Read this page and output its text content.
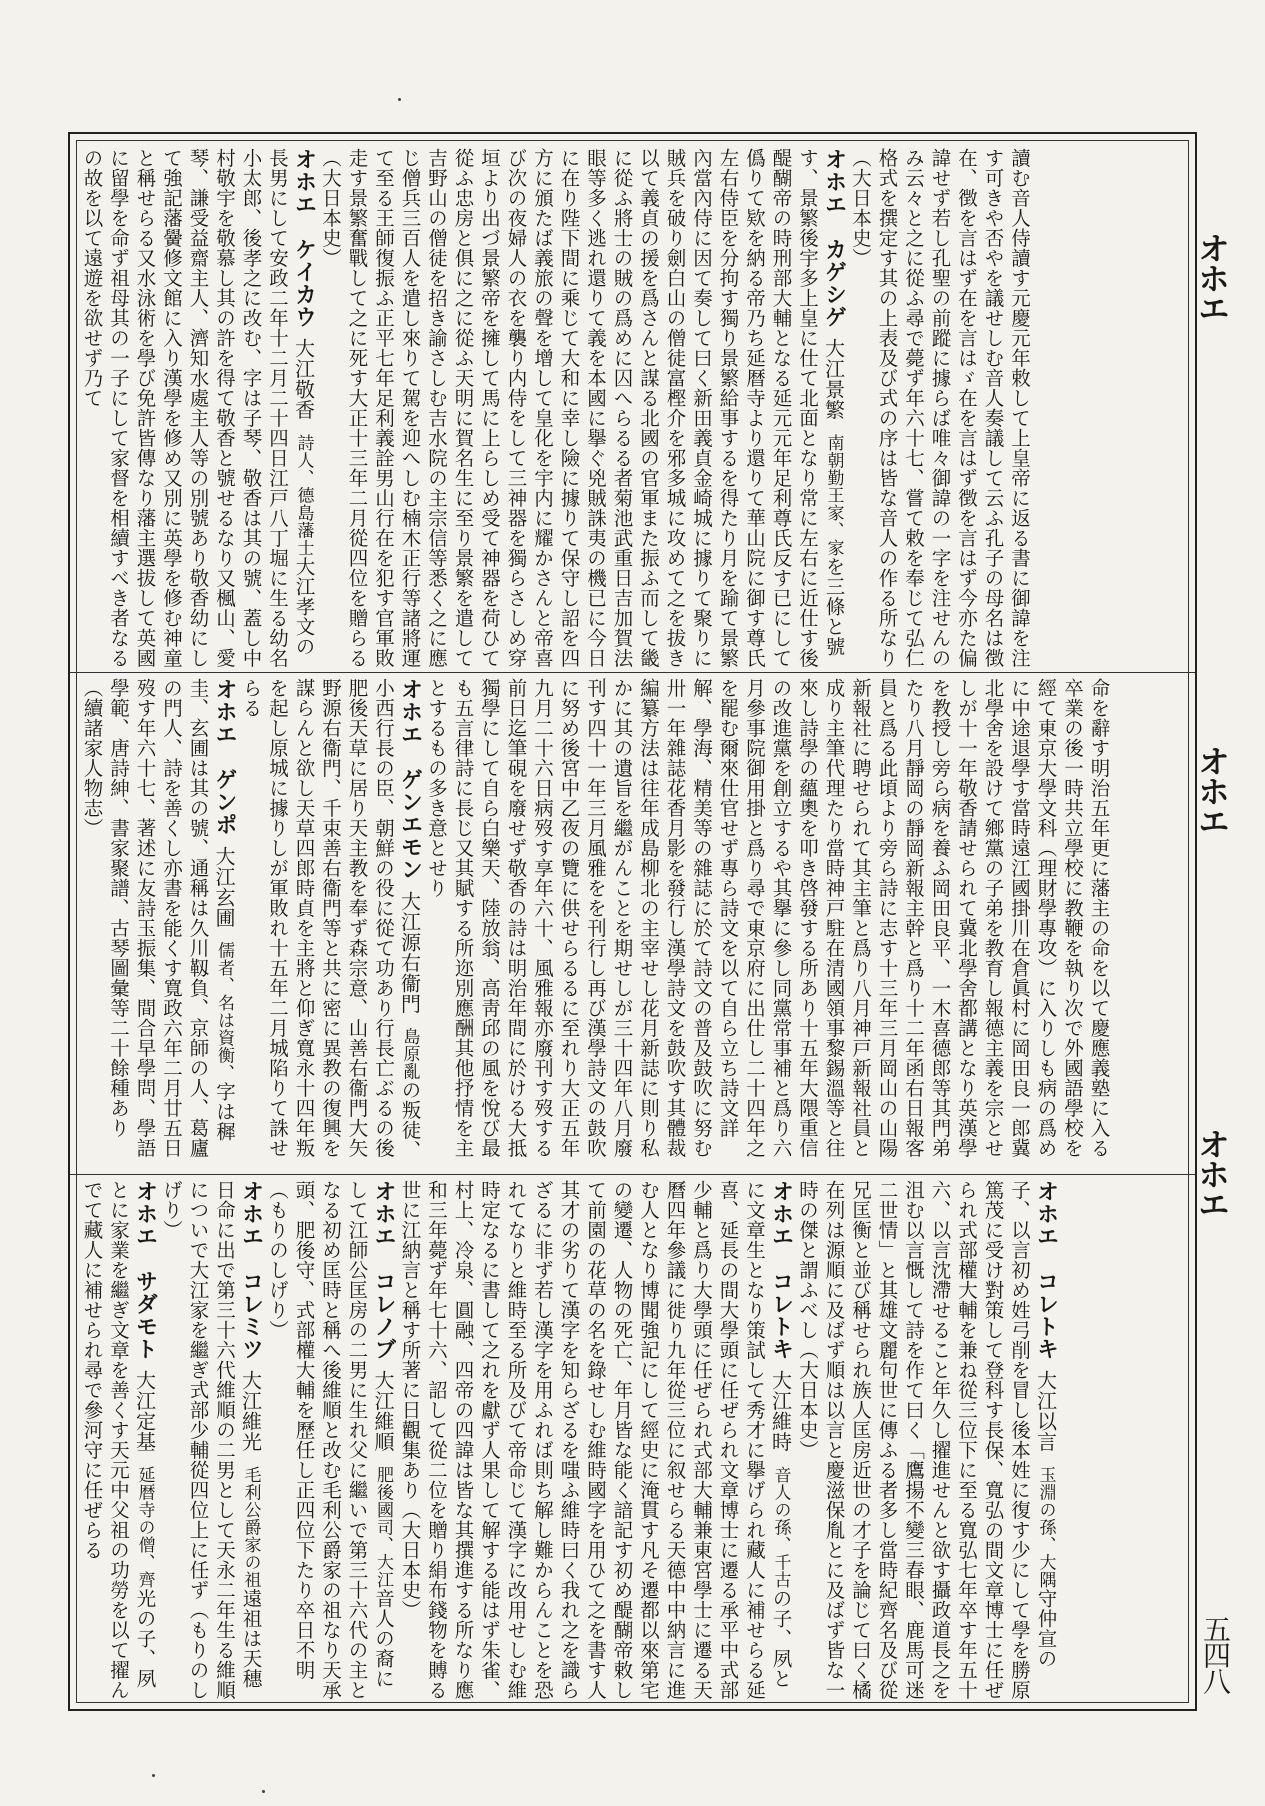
オホエ
オホエ
オホエ
五四八

讀む音人侍讀す元慶元年敕して上皇帝に返る書に御諱を注す可きや否やを議せしむ音人奏議して云ふ孔子の母名は徴在、徴を言はず在を言はゞ在を言はず徴を言はず今亦た偏諱せず若し孔聖の前蹤に據らば唯々御諱の一字を注せんのみ云々と之に從ふ尋で薨ず年六十七、嘗て敕を奉じて弘仁格式を撰定す其の上表及び式の序は皆な音人の作る所なり（大日本史）

オホエ　カゲシゲ大江景繁南朝勤王家、家を三條と號す、景繁後宇多上皇に仕て北面となり常に左右に近仕す後醍醐帝の時刑部大輔となる延元元年足利尊氏反す已にして僞りて欵を納る帝乃ち延暦寺より還りて華山院に御す尊氏左右侍臣を分拘す獨り景繁給事するを得たり月を踰て景繁內當內侍に因て奏して曰く新田義貞金崎城に據りて聚りに賊兵を破り劍白山の僧徒富樫介を邪多城に攻めて之を拔き以て義貞の援を爲さんと謀る北國の官軍また振ふ而して畿に從ふ將士の賊の爲めに囚へらるる者菊池武重日吉加賀法眼等多く逃れ還りて義を本國に擧ぐ兇賊誅夷の機已に今日に在り陛下間に乘じて大和に幸し險に據りて保守し詔を四方に頒たば義旅の聲を增して皇化を宇内に耀かさんと帝喜び次の夜婦人の衣を襲り内侍をして三神器を獨らさしめ穿垣より出づ景繁帝を擁して馬に上らしめ受て神器を荷ひて從ふ忠房と俱に之に從ふ天明に賀名生に至り景繁を遣して吉野山の僧徒を招き諭さしむ吉水院の主宗信等悉く之に應じ僧兵三百人を遣し來りて駕を迎へしむ楠木正行等諸將運て至る王師復振ふ正平七年足利義詮男山行在を犯す官軍敗走す景繁奮戰して之に死す大正十三年二月從四位を贈らる（大日本史）

オホエ　ケイカウ大江敬香詩人、德島藩士大江孝文の長男にして安政二年十二月二十四日江戸八丁堀に生る幼名小太郎、後孝之に改む、字は子琴、敬香は其の號、蓋し中村敬宇を敬慕し其の許を得て敬香と號せるなり又楓山、愛琴、謙受益齋主人、濟知水處主人等の別號あり敬香幼にして強記藩黌修文館に入り漢學を修め又別に英學を修む神童と稱せらる又水泳術を學び免許皆傳なり藩主選拔して英國に留學を命ず祖母其の一子にして家督を相續すべき者なるの故を以て遠遊を欲せず乃て

命を辭す明治五年更に藩主の命を以て慶應義塾に入る卒業の後一時共立學校に教鞭を執り次で外國語學校を經て東京大學文科（理財學專攻）に入りしも病の爲めに中途退學す當時遠江國掛川在倉眞村に岡田良一郎冀北學舍を設けて鄉黨の子弟を教育し報德主義を宗とせしが十一年敬香請せられて冀北學舍都講となり英漢學を教授し旁ら病を養ふ岡田良平、一木喜德郎等其門弟たり八月靜岡の靜岡新報主幹と爲り十二年函右日報客員と爲る此頃より旁ら詩に志す十三年三月岡山の山陽新報社に聘せられて其主筆と爲り八月神戸新報社員と成り主筆代理たり當時神戸駐在清國領事黎錫溫等と往來し詩學の蘊奧を叩き啓發する所あり十五年大隈重信の改進黨を創立するや其擧に參し同黨常事補と爲り六月參事院御用掛と爲り尋で東京府に出仕し二十四年之を罷む爾來仕官せず專ら詩文を以て自ら立ち詩文詳解、學海、精美等の雜誌に於て詩文の普及鼓吹に努む卅一年雜誌花香月影を發行し漢學詩文を鼓吹す其體裁編纂方法は往年成島柳北の主宰せし花月新誌に則り私かに其の遺旨を繼がんことを期せしが三十四年八月廢刊す四十一年三月風雅をを刊行し再び漢學詩文の鼓吹に努め後宮中乙夜の覽に供せらるるに至れり大正五年九月二十六日病歿す享年六十、風雅報亦廢刊す歿する前日迄筆硯を廢せず敬香の詩は明治年間に於ける大抵獨學にして自ら白樂天、陸放翁、高靑邱の風を悅び最も五言律詩に長じ又其賦する所迩別應酬其他抒情を主とするもの多き意とせり

オホエ　ゲンエモン大江源右衞門島原亂の叛徒、小西行長の臣、朝鮮の役に從て功あり行長亡ぶるの後肥後天草に居り天主教を奉ず森宗意、山善右衞門大矢野源右衞門、千束善右衞門等と共に密に異教の復興を謀らんと欲し天草四郎時貞を主將と仰ぎ寬永十四年叛を起し原城に據りしが軍敗れ十五年二月城陷りて誅せらる

オホエ　ゲンポ大江玄圃儒者、名は資衡、字は穉圭、玄圃は其の號、通稱は久川靱負、京師の人、葛廬の門人、詩を善くし亦書を能くす寬政六年二月廿五日歿す年六十七、著述に友詩玉振集、間合早學問、學語學範、唐詩紳、書家聚譜、古琴圖彙等二十餘種あり（續諸家人物志）

オホエ　コレトキ大江以言玉淵の孫、大隅守仲宣の子、以言初め姓弓削を冒し後本姓に復す少にして學を勝原篤茂に受け對策して登科す長保、寬弘の間文章博士に任ぜられ式部權大輔を兼ね從三位下に至る寬弘七年卒す年五十六、以言沈滯せること年久し擢進せんと欲す攝政道長之を沮む以言慨して詩を作て曰く「鷹揚不變三春眼、鹿馬可迷二世情」と其雄文麗句世に傳ふる者多し當時紀齊名及び從兄匡衡と並び稱せられ族人匡房近世の才子を論じて曰く橘在列は源順に及ばず順は以言と慶滋保胤とに及ばず皆な一時の傑と謂ふべし（大日本史）

オホエ　コレトキ大江維時音人の孫、千古の子、夙とに文章生となり策試して秀才に擧げられ藏人に補せらる延喜、延長の間大學頭に任ぜられ文章博士に遷る承平中式部少輔と爲り大學頭に任ぜられ式部大輔兼東宮學士に遷る天曆四年參議に徙り九年從三位に叙せらる天德中中納言に進む人となり博聞強記にして經史に淹貫す凡そ遷都以來第宅の變遷、人物の死亡、年月皆な能く諳記す初め醍醐帝敕して前園の花草の名を錄せしむ維時國字を用ひて之を書す人其才の劣りて漢字を知らざるを嗤ふ維時曰く我れ之を識らざるに非ず若し漢字を用ふれば則ち解し難からんことを恐れてなりと維時至る所及びて帝命じて漢字に改用せしむ維時定なるに書して之れを獻ず人果して解する能はず朱雀、村上、冷泉、圓融、四帝の四諱は皆な其撰進する所なり應和三年薨ず年七十六、詔して從二位を贈り絹布錢物を賻る世に江納言と稱す所著に日觀集あり（大日本史）

オホエ　コレノブ大江維順肥後國司、大江音人の裔にして江師公匡房の二男に生れ父に繼いで第三十六代の主となる初め匡時と稱へ後維順と改む毛利公爵家の祖なり天承頭、肥後守、式部權大輔を歷任し正四位下たり卒日不明（もりのしげり）

オホエ　コレミツ大江維光毛利公爵家の祖遠祖は天穗日命に出で第三十六代維順の二男として天永二年生る維順についで大江家を繼ぎ式部少輔從四位上に任ず（もりのしげり）

オホエ　サダモト大江定基延暦寺の僧、齊光の子、夙とに家業を繼ぎ文章を善くす天元中父祖の功勞を以て擢んでて藏人に補せられ尋で參河守に任ぜらる
